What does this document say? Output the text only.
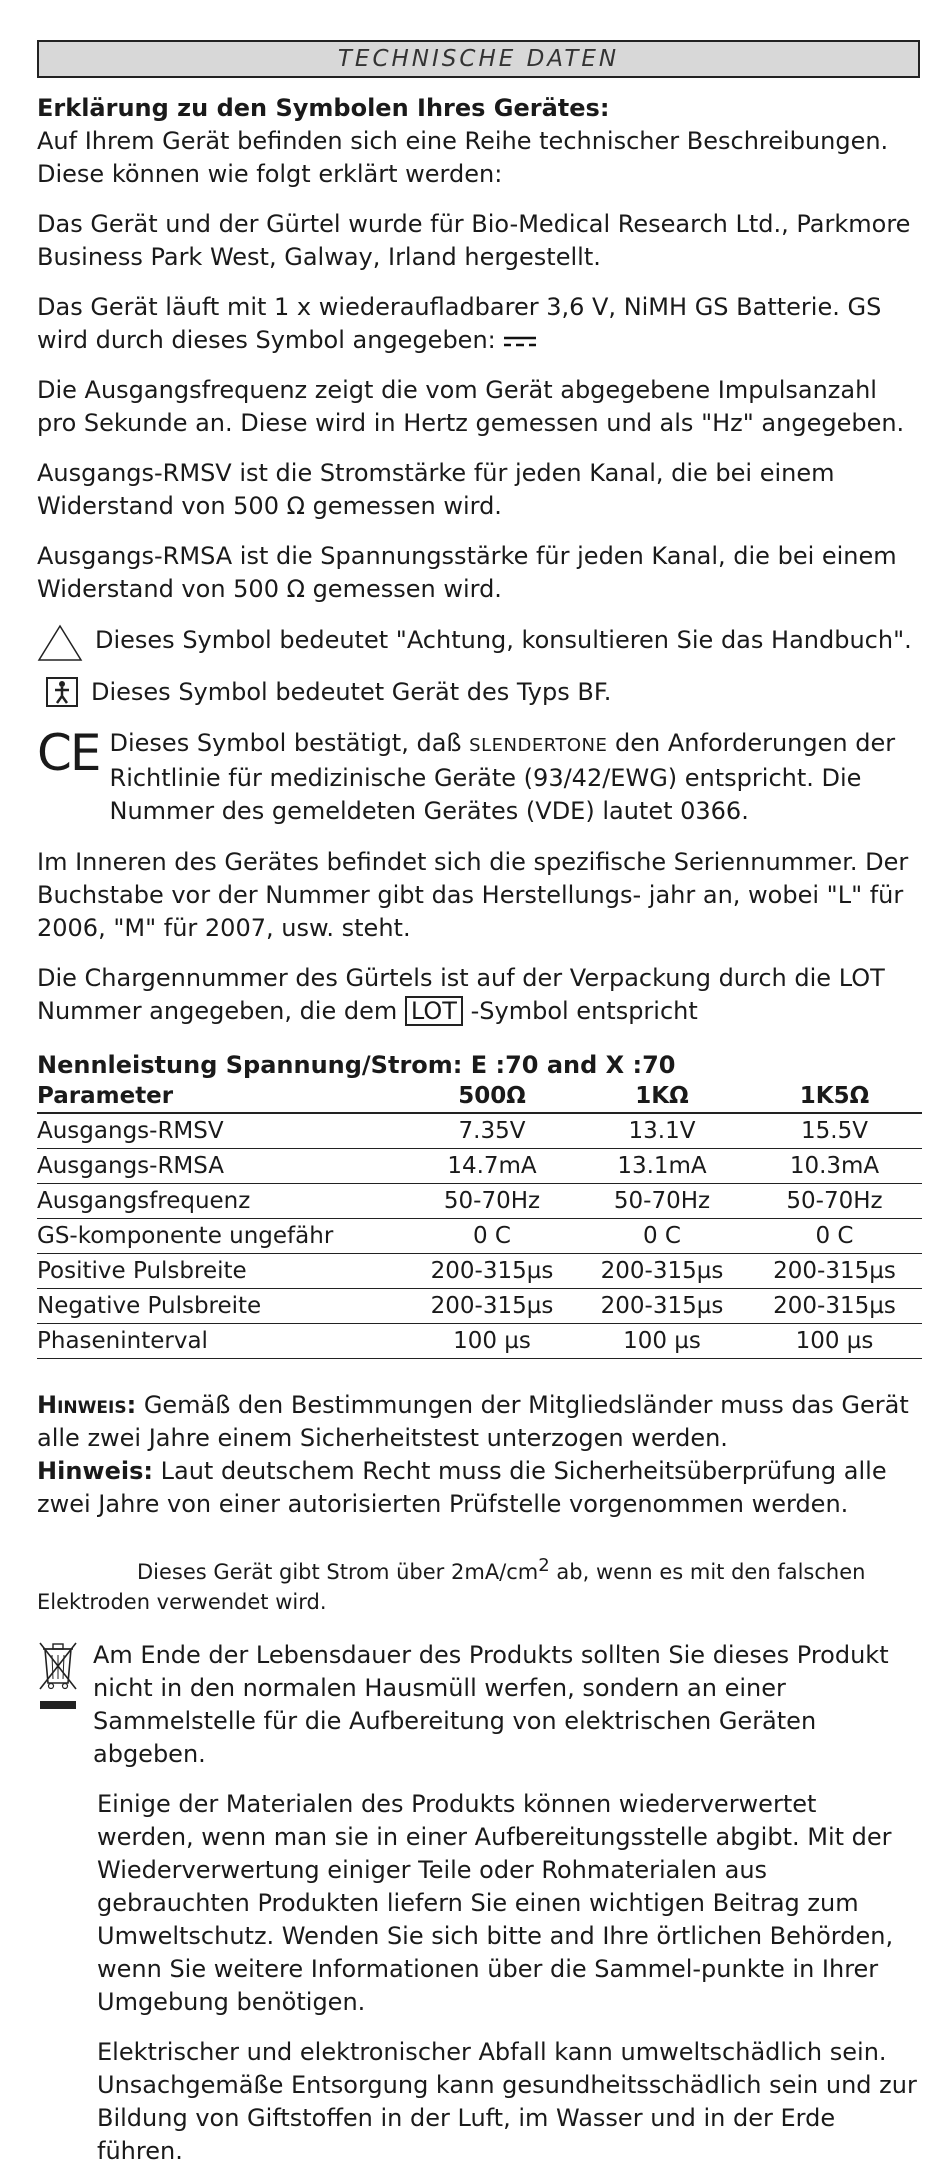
TECHNISCHE DATEN
Erklärung zu den Symbolen Ihres Gerätes:

Auf Ihrem Gerät befinden sich eine Reihe technischer Beschreibungen. Diese können wie folgt erklärt werden:

Das Gerät und der Gürtel wurde für Bio-Medical Research Ltd., Parkmore Business Park West, Galway, Irland hergestellt.

Das Gerät läuft mit 1 x wiederaufladbarer 3,6 V, NiMH GS Batterie. GS wird durch dieses Symbol angegeben:

Die Ausgangsfrequenz zeigt die vom Gerät abgegebene Impulsanzahl pro Sekunde an. Diese wird in Hertz gemessen und als "Hz" angegeben.

Ausgangs-RMSV ist die Stromstärke für jeden Kanal, die bei einem Widerstand von 500 Ω gemessen wird.

Ausgangs-RMSA ist die Spannungsstärke für jeden Kanal, die bei einem Widerstand von 500 Ω gemessen wird.

Dieses Symbol bedeutet "Achtung, konsultieren Sie das Handbuch".

Dieses Symbol bedeutet Gerät des Typs BF.

CE Dieses Symbol bestätigt, daß SLENDERTONE den Anforderungen der Richtlinie für medizinische Geräte (93/42/EWG) entspricht. Die Nummer des gemeldeten Gerätes (VDE) lautet 0366.

Im Inneren des Gerätes befindet sich die spezifische Seriennummer. Der Buchstabe vor der Nummer gibt das Herstellungs- jahr an, wobei "L" für 2006, "M" für 2007, usw. steht.

Die Chargennummer des Gürtels ist auf der Verpackung durch die LOT Nummer angegeben, die dem LOT -Symbol entspricht

Nennleistung Spannung/Strom: E :70 and X :70
Parameter	500Ω	1KΩ	1K5Ω
Ausgangs-RMSV	7.35V	13.1V	15.5V
Ausgangs-RMSA	14.7mA	13.1mA	10.3mA
Ausgangsfrequenz	50-70Hz	50-70Hz	50-70Hz
GS-komponente ungefähr	0 C	0 C	0 C
Positive Pulsbreite	200-315µs	200-315µs	200-315µs
Negative Pulsbreite	200-315µs	200-315µs	200-315µs
Phaseninterval	100 µs	100 µs	100 µs

Hinweis: Gemäß den Bestimmungen der Mitgliedsländer muss das Gerät alle zwei Jahre einem Sicherheitstest unterzogen werden.

Hinweis: Laut deutschem Recht muss die Sicherheitsüberprüfung alle zwei Jahre von einer autorisierten Prüfstelle vorgenommen werden.

Dieses Gerät gibt Strom über $2mA/cm^2$ ab, wenn es mit den falschen Elektroden verwendet wird.

Am Ende der Lebensdauer des Produkts sollten Sie dieses Produkt nicht in den normalen Hausmüll werfen, sondern an einer Sammelstelle für die Aufbereitung von elektrischen Geräten abgeben.

Einige der Materialen des Produkts können wiederverwertet werden, wenn man sie in einer Aufbereitungsstelle abgibt. Mit der Wiederverwertung einiger Teile oder Rohmaterialen aus gebrauchten Produkten liefern Sie einen wichtigen Beitrag zum Umweltschutz. Wenden Sie sich bitte and Ihre örtlichen Behörden, wenn Sie weitere Informationen über die Sammel-punkte in Ihrer Umgebung benötigen.

Elektrischer und elektronischer Abfall kann umweltschädlich sein. Unsachgemäße Entsorgung kann gesundheitsschädlich sein und zur Bildung von Giftstoffen in der Luft, im Wasser und in der Erde führen.
